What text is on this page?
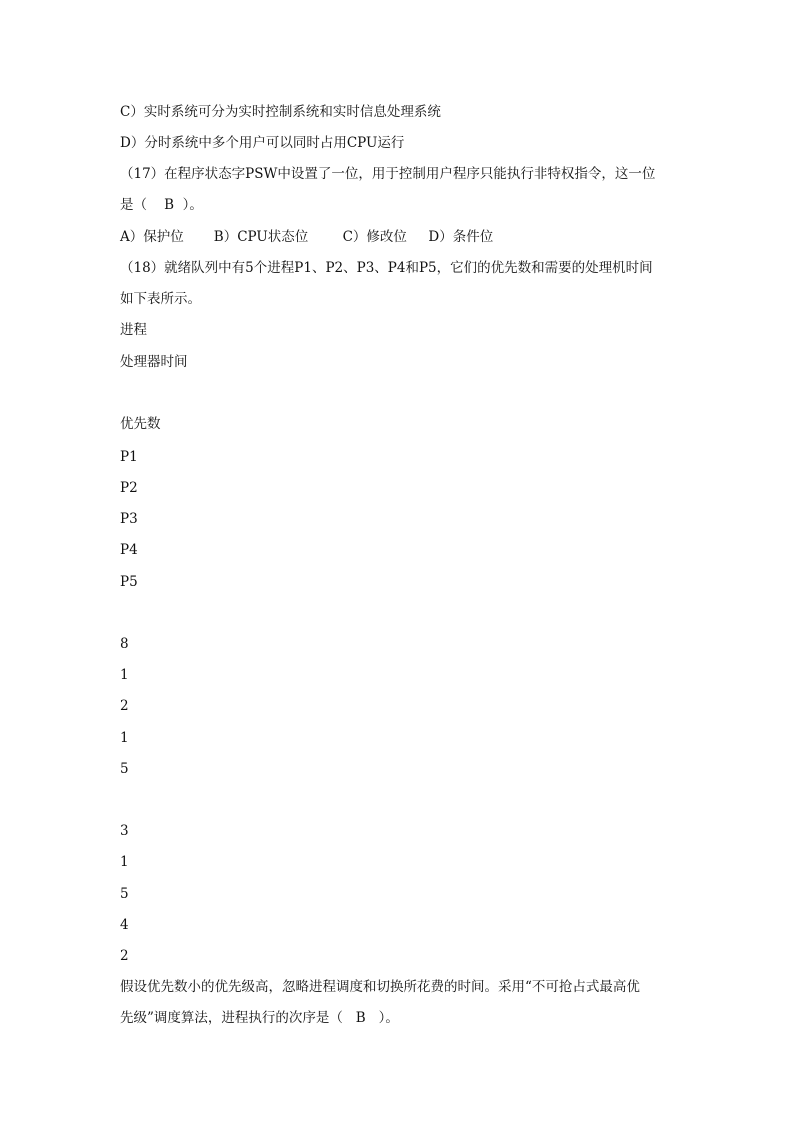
C）实时系统可分为实时控制系统和实时信息处理系统
D）分时系统中多个用户可以同时占用CPU运行
（17）在程序状态字PSW中设置了一位，用于控制用户程序只能执行非特权指令，这一位
是（    B  ）。
A）保护位       B）CPU状态位        C）修改位     D）条件位
（18）就绪队列中有5个进程P1、P2、P3、P4和P5，它们的优先数和需要的处理机时间
如下表所示。
进程
处理器时间
优先数
P1
P2
P3
P4
P5
8
1
2
1
5
3
1
5
4
2
假设优先数小的优先级高，忽略进程调度和切换所花费的时间。采用“不可抢占式最高优
先级”调度算法，进程执行的次序是（   B   ）。
